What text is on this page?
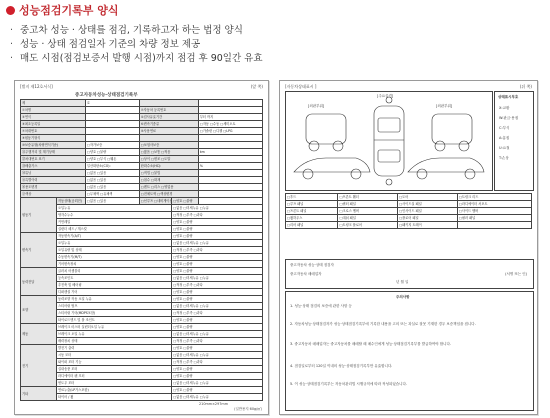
성능점검기록부 양식
· 중고차 성능 · 상태를 점검, 기록하고자 하는 법정 양식
· 성능 · 상태 점검일자 기준의 차량 정보 제공
· 매도 시점(점검보증서 발행 시점)까지 점검 후 90일간 유효
[별지 제12호서식]	(앞 쪽)
중고자동차성능·상태점검기록부
제	호		
①차명		②자동차 등록번호	
③연식		④검사유효기간	부터 까지
⑤최초등록일		⑥변속기종류	□자동 □수동 □세미오토
⑦차대번호		⑧사용연료	□가솔린 □디젤 □LPG
⑨원동기형식			
⑩보증유형(차량연식기준)	□자가보증	□보험사보증	
⑪주행거리 및 계기상태	□양호 □불량	□많음 □보통 □적음	km
⑫차대번호 표기	□양호 □부식 □훼손	□상이 □변조 □도말	
⑬배출가스	일산화탄소(CO):	탄화수소(HC):	%
⑭튜닝	□없음 □있음	□적법 □불법	
⑮특별이력	□없음 □있음	□침수 □화재	
⑯용도변경	□없음 □있음	□렌트 □리스 □영업용	
⑰색상	□무채색 □유채색	□전체도색 □색상변경	
	□없음 □있음	□선루프 □네비게이션	
원동기	작동상태(공회전)	□양호 □불량
	오일누유	□없음 □미세누유 □누유
	냉각수누수	□적정 □부족 □과다
	커먼레일	□양호 □불량
	실린더 헤드 / 개스킷	□양호 □불량
변속기	자동변속기(A/T)	□양호 □불량
	오일누유	□없음 □미세누유 □누유
	오일유량 및 상태	□적정 □부족 □과다
	수동변속기(M/T)	□양호 □불량
	기어변속장치	□양호 □불량
동력전달	클러치 어셈블리	□양호 □불량
	등속조인트	□없음 □미세누유 □누유
	추진축 및 베어링	□적정 □부족 □과다
	디퍼렌셜 기어	□양호 □불량
조향	동력조향 작동 오일 누유	□양호 □불량
	스티어링 펌프	□없음 □미세누유 □누유
	스티어링 기어(MDPS포함)	□적정 □부족 □과다
	타이로드엔드 및 볼 조인트	□양호 □불량
제동	브레이크 마스터 실린더오일 누유	□양호 □불량
	브레이크 오일 누유	□없음 □미세누유 □누유
	배력장치 상태	□적정 □부족 □과다
전기	발전기 출력	□양호 □불량
	시동 모터	□없음 □미세누유 □누유
	와이퍼 모터 기능	□적정 □부족 □과다
	실내송풍 모터	□양호 □불량
	라디에이터 팬 모터	□양호 □불량
	윈도우 모터	□없음 □미세누유 □누유
기타	연료누출(LP가스포함)	□양호 □불량
	타이어 / 휠	□없음 □미세누유 □누유
210mm×297mm
(일반용지 60g/㎡)
[자동차상태표시 ]	(뒤 쪽)
[주요골격]
[외판부위]	[외판부위]
상태표시부호
X:교환
W:판금·용접
C:부식
A:흠집
U:요철
T:손상
□후드	□프론트 휀더	□도어	□트렁크 리드
□루프 패널	□쿼터 패널	□사이드실 패널	□라디에이터 서포트
□프론트 패널	□크로스 멤버	□인사이드 패널	□사이드 멤버
□휠하우스	□대쉬 패널	□플로어 패널	□필러 패널
□리어 패널	□트렁크 플로어	□패키지 트레이	
중고자동차 성능·상태 점검자
중고자동차 매매업자	(서명 또는 인)
년 월 일
주의사항
1. 성능·상태 점검의 보증에 관한 사항 등
2. 자동차성능·상태점검자가 성능·상태점검기록부에 기록한 내용을 고의 또는 과실로 잘못 기재한 경우 보증책임을 집니다.
3. 중고자동차 매매업자는 중고자동차를 매매할 때 매수인에게 성능·상태점검기록부를 발급하여야 합니다.
4. 점검일로부터 120일 이내의 성능·상태점검기록부만 유효합니다.
5. 이 성능·상태점검기록부는 자동차관리법 시행규칙에 따라 작성되었습니다.
